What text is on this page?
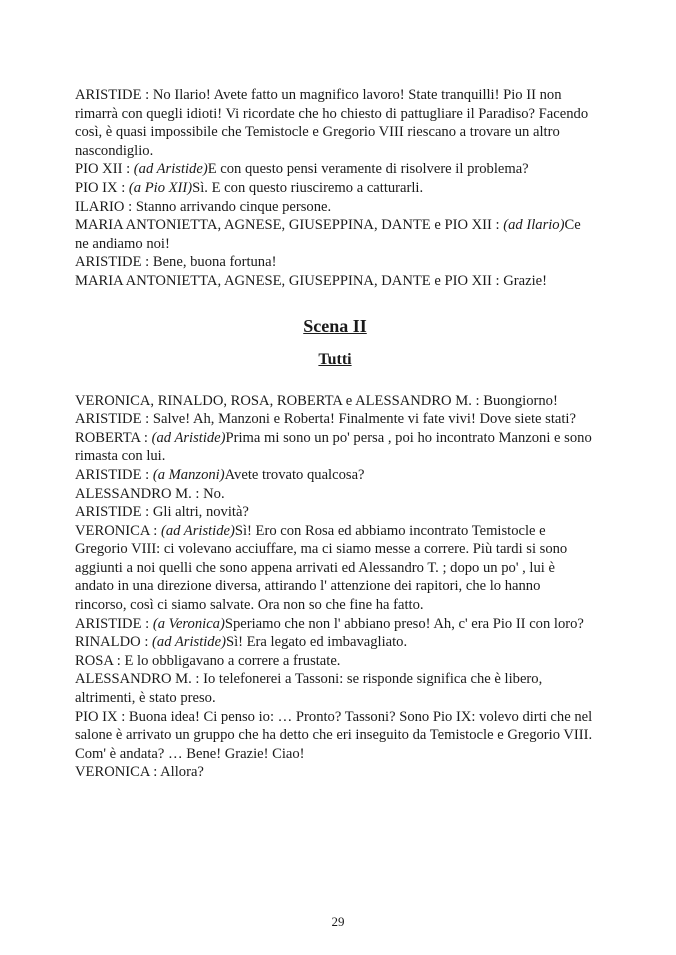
ARISTIDE : No Ilario! Avete fatto un magnifico lavoro! State tranquilli! Pio II non rimarrà con quegli idioti! Vi ricordate che ho chiesto di pattugliare il Paradiso? Facendo così, è quasi impossibile che Temistocle e Gregorio VIII riescano a trovare un altro nascondiglio.

PIO XII : (ad Aristide)E con questo pensi veramente di risolvere il problema?

PIO IX : (a Pio XII)Sì. E con questo riusciremo a catturarli.

ILARIO : Stanno arrivando cinque persone.

MARIA ANTONIETTA, AGNESE, GIUSEPPINA, DANTE e PIO XII : (ad Ilario)Ce ne andiamo noi!

ARISTIDE : Bene, buona fortuna!

MARIA ANTONIETTA, AGNESE, GIUSEPPINA, DANTE e PIO XII : Grazie!

Scena II
Tutti

VERONICA, RINALDO, ROSA, ROBERTA e ALESSANDRO M. : Buongiorno!

ARISTIDE : Salve! Ah, Manzoni e Roberta! Finalmente vi fate vivi! Dove siete stati?

ROBERTA : (ad Aristide)Prima mi sono un po' persa , poi ho incontrato Manzoni e sono rimasta con lui.

ARISTIDE : (a Manzoni)Avete trovato qualcosa?

ALESSANDRO M. : No.

ARISTIDE : Gli altri, novità?

VERONICA : (ad Aristide)Sì! Ero con Rosa ed abbiamo incontrato Temistocle e Gregorio VIII: ci volevano acciuffare, ma ci siamo messe a correre. Più tardi si sono aggiunti a noi quelli che sono appena arrivati ed Alessandro T. ; dopo un po' , lui è andato in una direzione diversa, attirando l' attenzione dei rapitori, che lo hanno rincorso, così ci siamo salvate. Ora non so che fine ha fatto.

ARISTIDE : (a Veronica)Speriamo che non l' abbiano preso! Ah, c' era Pio II con loro?

RINALDO : (ad Aristide)Sì! Era legato ed imbavagliato.

ROSA : E lo obbligavano a correre a frustate.

ALESSANDRO M. : Io telefonerei a Tassoni: se risponde significa che è libero, altrimenti, è stato preso.

PIO IX : Buona idea! Ci penso io: … Pronto? Tassoni? Sono Pio IX: volevo dirti che nel salone è arrivato un gruppo che ha detto che eri inseguito da Temistocle e Gregorio VIII. Com' è andata? … Bene! Grazie! Ciao!

VERONICA : Allora?

29
